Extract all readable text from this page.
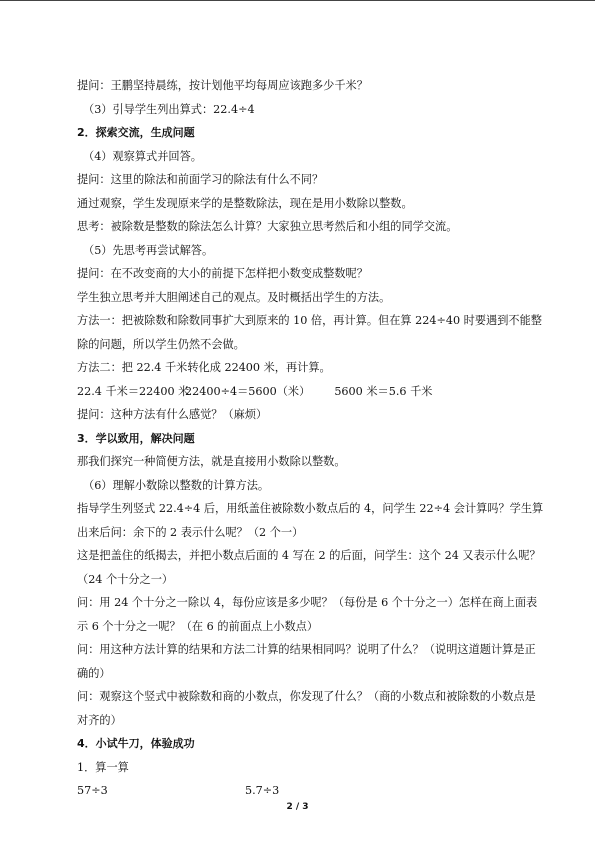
提问：王鹏坚持晨练，按计划他平均每周应该跑多少千米？

（3）引导学生列出算式：22.4÷4

2．探索交流，生成问题

（4）观察算式并回答。

提问：这里的除法和前面学习的除法有什么不同？

通过观察，学生发现原来学的是整数除法，现在是用小数除以整数。

思考：被除数是整数的除法怎么计算？大家独立思考然后和小组的同学交流。

（5）先思考再尝试解答。

提问：在不改变商的大小的前提下怎样把小数变成整数呢？

学生独立思考并大胆阐述自己的观点。及时概括出学生的方法。

方法一：把被除数和除数同事扩大到原来的 10 倍，再计算。但在算 224÷40 时要遇到不能整除的问题，所以学生仍然不会做。

方法二：把 22.4 千米转化成 22400 米，再计算。

22.4 千米＝22400 米
22400÷4＝5600（米） 5600 米＝5.6 千米

提问：这种方法有什么感觉？（麻烦）

3．学以致用，解决问题

那我们探究一种简便方法，就是直接用小数除以整数。

（6）理解小数除以整数的计算方法。

指导学生列竖式 22.4÷4 后，用纸盖住被除数小数点后的 4，问学生 22÷4 会计算吗？学生算出来后问：余下的 2 表示什么呢？（2 个一）

这是把盖住的纸揭去，并把小数点后面的 4 写在 2 的后面，问学生：这个 24 又表示什么呢？（24 个十分之一）

问：用 24 个十分之一除以 4，每份应该是多少呢？（每份是 6 个十分之一）怎样在商上面表示 6 个十分之一呢？（在 6 的前面点上小数点）

问：用这种方法计算的结果和方法二计算的结果相同吗？说明了什么？（说明这道题计算是正确的）

问：观察这个竖式中被除数和商的小数点，你发现了什么？（商的小数点和被除数的小数点是对齐的）

4．小试牛刀，体验成功

1．算一算

57÷3	5.7÷3
2 / 3
